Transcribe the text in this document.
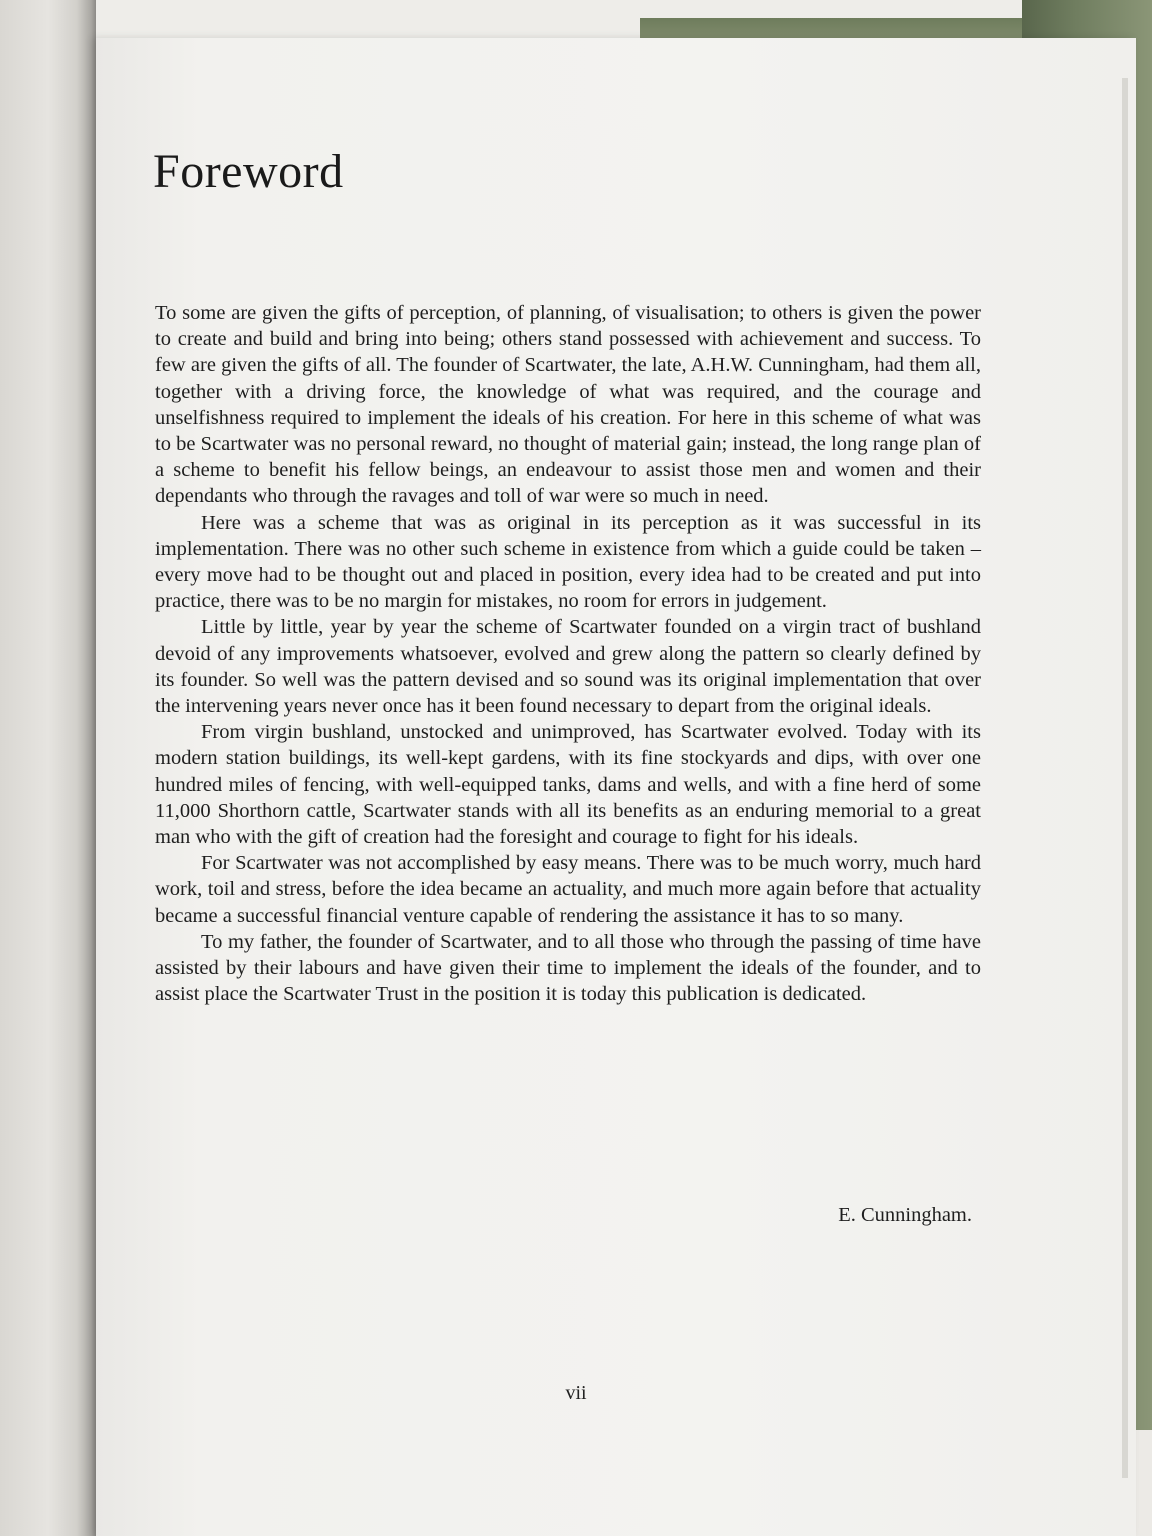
Foreword

To some are given the gifts of perception, of planning, of visualisation; to others is given the power to create and build and bring into being; others stand possessed with achievement and success. To few are given the gifts of all. The founder of Scartwater, the late, A.H.W. Cunningham, had them all, together with a driving force, the knowledge of what was required, and the courage and unselfishness required to implement the ideals of his creation. For here in this scheme of what was to be Scartwater was no personal reward, no thought of material gain; instead, the long range plan of a scheme to benefit his fellow beings, an endeavour to assist those men and women and their dependants who through the ravages and toll of war were so much in need.

Here was a scheme that was as original in its perception as it was successful in its implementation. There was no other such scheme in existence from which a guide could be taken – every move had to be thought out and placed in position, every idea had to be created and put into practice, there was to be no margin for mistakes, no room for errors in judgement.

Little by little, year by year the scheme of Scartwater founded on a virgin tract of bushland devoid of any improvements whatsoever, evolved and grew along the pattern so clearly defined by its founder. So well was the pattern devised and so sound was its original implementation that over the intervening years never once has it been found necessary to depart from the original ideals.

From virgin bushland, unstocked and unimproved, has Scartwater evolved. Today with its modern station buildings, its well-kept gardens, with its fine stockyards and dips, with over one hundred miles of fencing, with well-equipped tanks, dams and wells, and with a fine herd of some 11,000 Shorthorn cattle, Scartwater stands with all its benefits as an enduring memorial to a great man who with the gift of creation had the foresight and courage to fight for his ideals.

For Scartwater was not accomplished by easy means. There was to be much worry, much hard work, toil and stress, before the idea became an actuality, and much more again before that actuality became a successful financial venture capable of rendering the assistance it has to so many.

To my father, the founder of Scartwater, and to all those who through the passing of time have assisted by their labours and have given their time to implement the ideals of the founder, and to assist place the Scartwater Trust in the position it is today this publication is dedicated.

E. Cunningham.
vii
